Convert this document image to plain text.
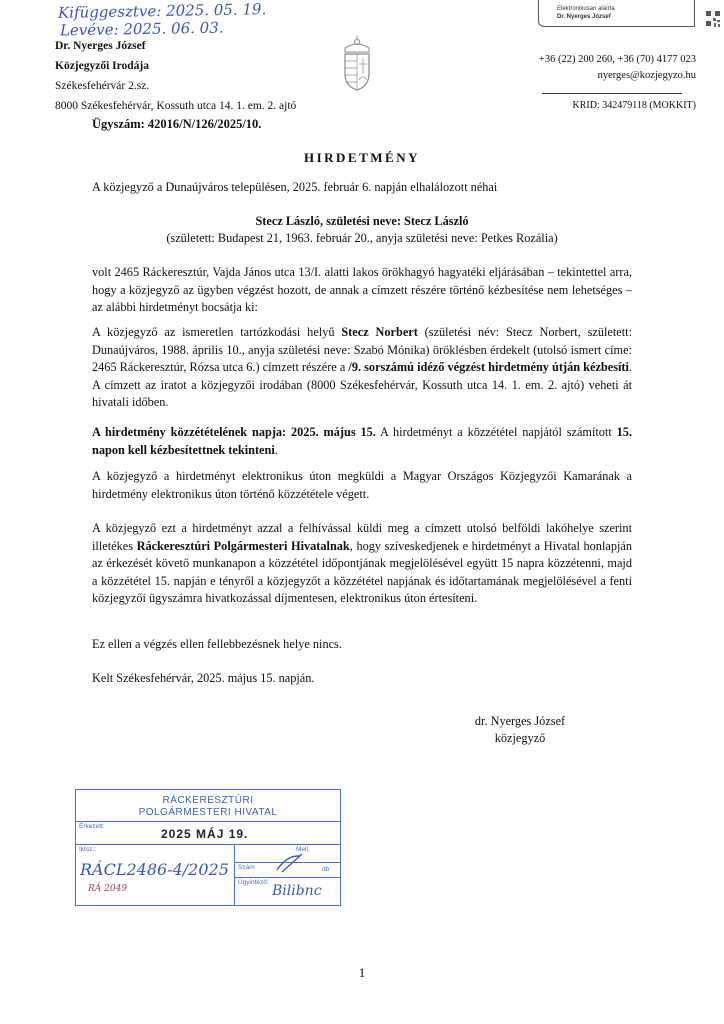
Kifüggesztve: 2025. 05. 19.
Levéve: 2025. 06. 03.
Dr. Nyerges József
Közjegyzői Irodája
Székesfehérvár 2.sz.
8000 Székesfehérvár, Kossuth utca 14. 1. em. 2. ajtó
Elektronikusan aláírta
Dr. Nyerges József
+36 (22) 200 260, +36 (70) 4177 023
nyerges@kozjegyzo.hu
KRID: 342479118 (MOKKIT)
Ügyszám: 42016/N/126/2025/10.
HIRDETMÉNY
A közjegyző a Dunaújváros településen, 2025. február 6. napján elhalálozott néhai
Stecz László, születési neve: Stecz László
(született: Budapest 21, 1963. február 20., anyja születési neve: Petkes Rozália)
volt 2465 Ráckeresztúr, Vajda János utca 13/I. alatti lakos örökhagyó hagyatéki eljárásában – tekintettel arra, hogy a közjegyző az ügyben végzést hozott, de annak a címzett részére történő kézbesítése nem lehetséges – az alábbi hirdetményt bocsátja ki:
A közjegyző az ismeretlen tartózkodási helyű Stecz Norbert (születési név: Stecz Norbert, született: Dunaújváros, 1988. április 10., anyja születési neve: Szabó Mónika) öröklésben érdekelt (utolsó ismert címe: 2465 Ráckeresztúr, Rózsa utca 6.) címzett részére a /9. sorszámú idéző végzést hirdetmény útján kézbesíti. A címzett az iratot a közjegyzői irodában (8000 Székesfehérvár, Kossuth utca 14. 1. em. 2. ajtó) veheti át hivatali időben.
A hirdetmény közzétételének napja: 2025. május 15. A hirdetményt a közzététel napjától számított 15. napon kell kézbesítettnek tekinteni.
A közjegyző a hirdetményt elektronikus úton megküldi a Magyar Országos Közjegyzői Kamarának a hirdetmény elektronikus úton történő közzététele végett.
A közjegyző ezt a hirdetményt azzal a felhívással küldi meg a címzett utolsó belföldi lakóhelye szerint illetékes Ráckeresztúri Polgármesteri Hivatalnak, hogy szíveskedjenek e hirdetményt a Hivatal honlapján az érkezését követő munkanapon a közzététel időpontjának megjelölésével együtt 15 napra közzétenni, majd a közzététel 15. napján e tényről a közjegyzőt a közzététel napjának és időtartamának megjelölésével a fenti közjegyzői ügyszámra hivatkozással díjmentesen, elektronikus úton értesíteni.
Ez ellen a végzés ellen fellebbezésnek helye nincs.
Kelt Székesfehérvár, 2025. május 15. napján.
dr. Nyerges József
közjegyző
RÁCKERESZTÚRI
POLGÁRMESTERI HIVATAL
Érkezett:
2025 MÁJ 19.
Iktsz.:	Mell.
Szám	db
Ügyintéző:
RÁCL2486-4/2025
RÁ 2049	Bilibnc
1
